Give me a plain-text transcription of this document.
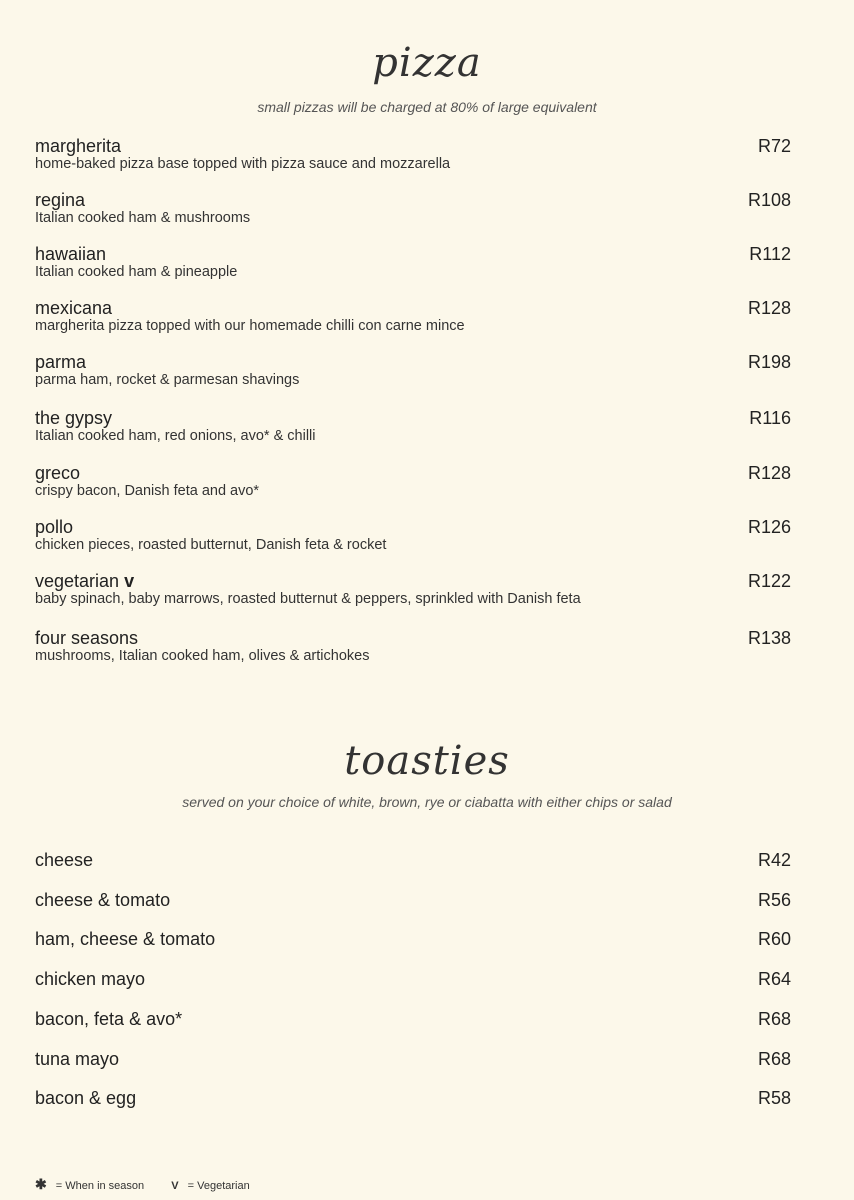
pizza
small pizzas will be charged at 80% of large equivalent
margherita
home-baked pizza base topped with pizza sauce and mozzarella
R72
regina
Italian cooked ham & mushrooms
R108
hawaiian
Italian cooked ham & pineapple
R112
mexicana
margherita pizza topped with our homemade chilli con carne mince
R128
parma
parma ham, rocket & parmesan shavings
R198
the gypsy
Italian cooked ham, red onions, avo* & chilli
R116
greco
crispy bacon, Danish feta and avo*
R128
pollo
chicken pieces, roasted butternut, Danish feta & rocket
R126
vegetarian v
baby spinach, baby marrows, roasted butternut & peppers, sprinkled with Danish feta
R122
four seasons
mushrooms, Italian cooked ham, olives & artichokes
R138
toasties
served on your choice of white, brown, rye or ciabatta with either chips or salad
cheese	R42
cheese & tomato	R56
ham, cheese & tomato	R60
chicken mayo	R64
bacon, feta & avo*	R68
tuna mayo	R68
bacon & egg	R58
✱ = When in season V = Vegetarian
